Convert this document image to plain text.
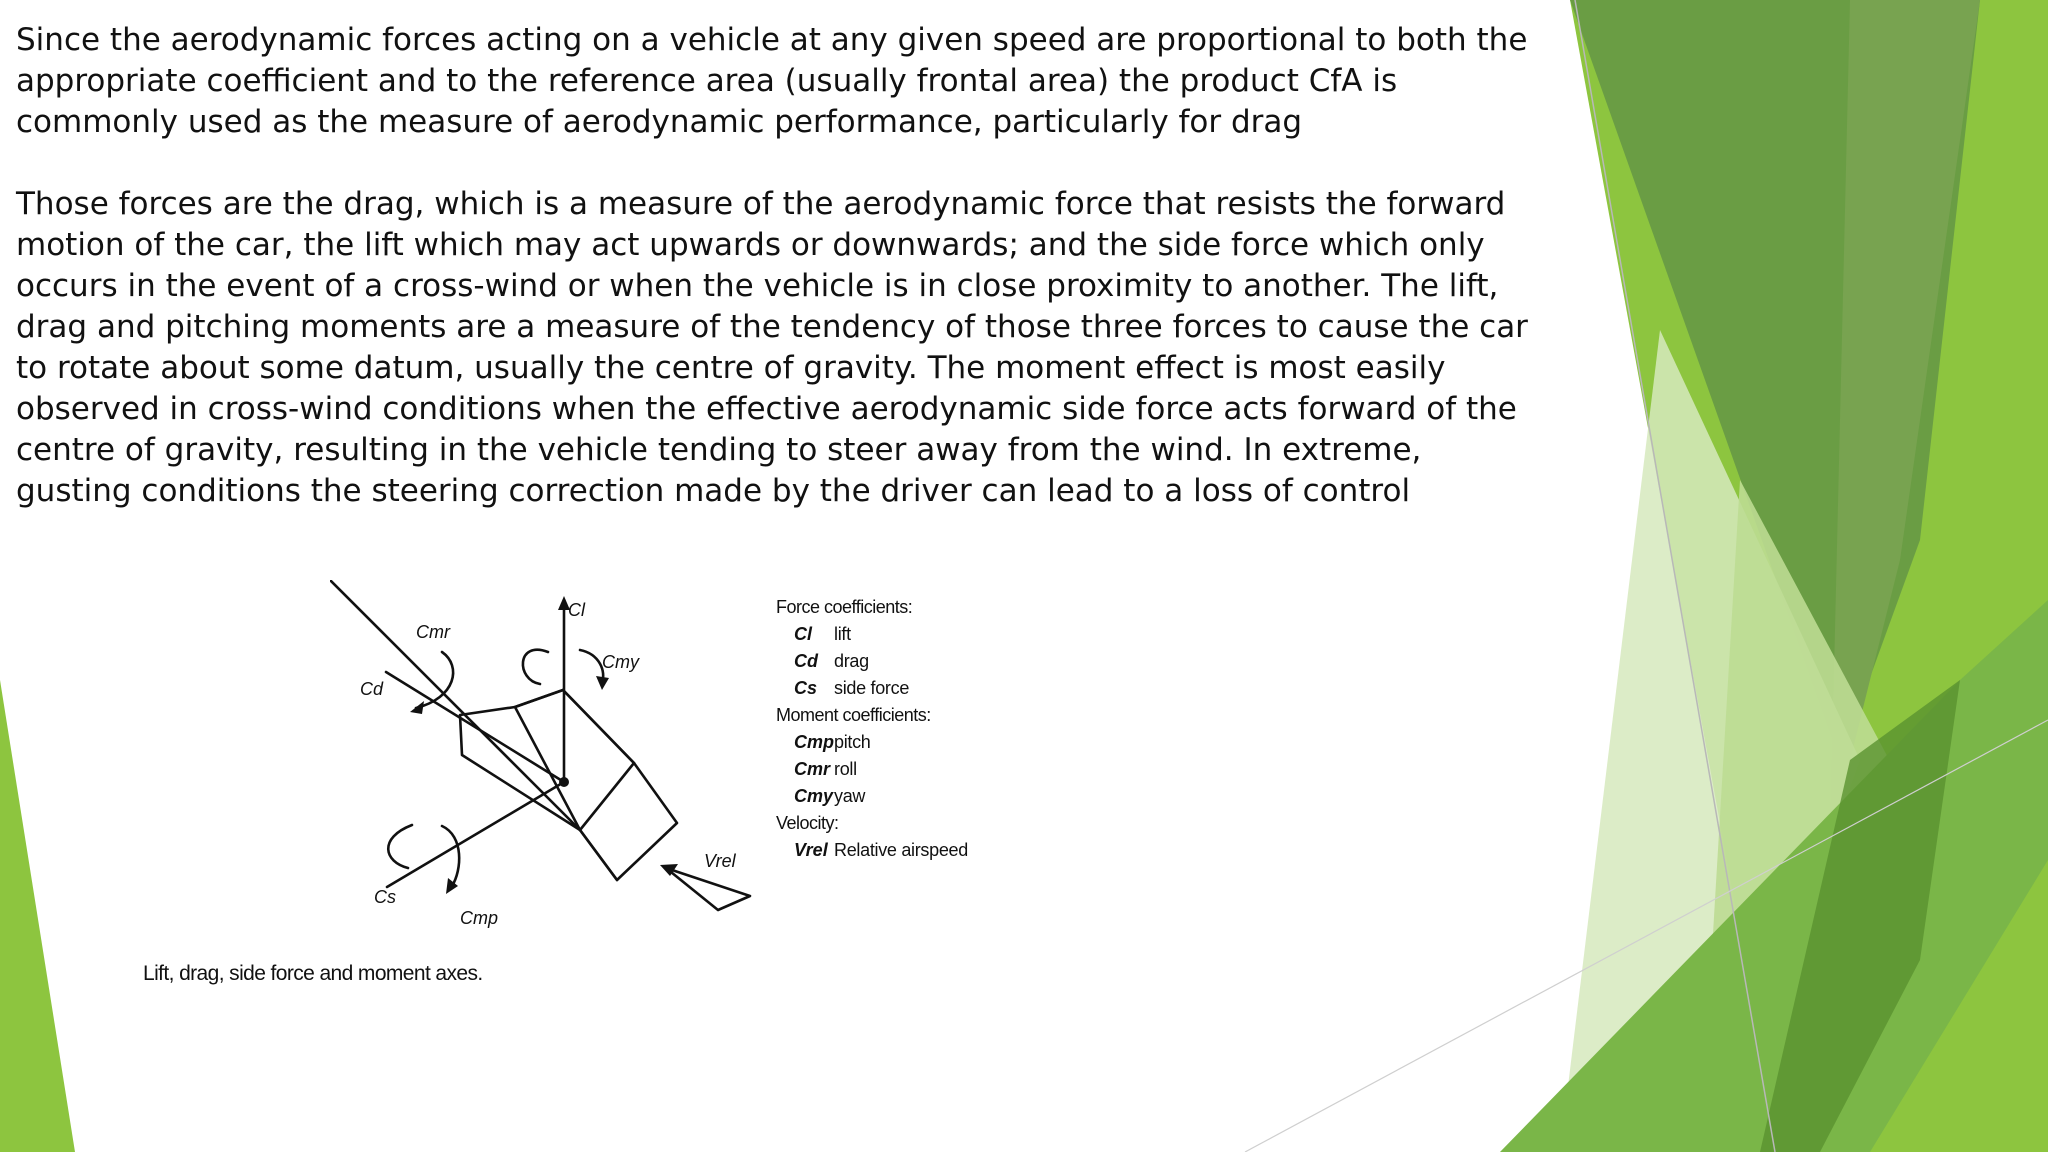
Since the aerodynamic forces acting on a vehicle at any given speed are proportional to both the appropriate coefficient and to the reference area (usually frontal area) the product CfA is commonly used as the measure of aerodynamic performance, particularly for drag

Those forces are the drag, which is a measure of the aerodynamic force that resists the forward motion of the car, the lift which may act upwards or downwards; and the side force which only occurs in the event of a cross-wind or when the vehicle is in close proximity to another. The lift, drag and pitching moments are a measure of the tendency of those three forces to cause the car to rotate about some datum, usually the centre of gravity. The moment effect is most easily observed in cross-wind conditions when the effective aerodynamic side force acts forward of the centre of gravity, resulting in the vehicle tending to steer away from the wind. In extreme, gusting conditions the steering correction made by the driver can lead to a loss of control

Cl
Cmr
Cmy
Cd
Cs
Cmp
Vrel
Force coefficients:
Cl	lift
Cd drag
Cs side force
Moment coefficients:
Cmp pitch
Cmr roll
Cmy yaw
Velocity:
Vrel Relative airspeed
Lift, drag, side force and moment axes.
